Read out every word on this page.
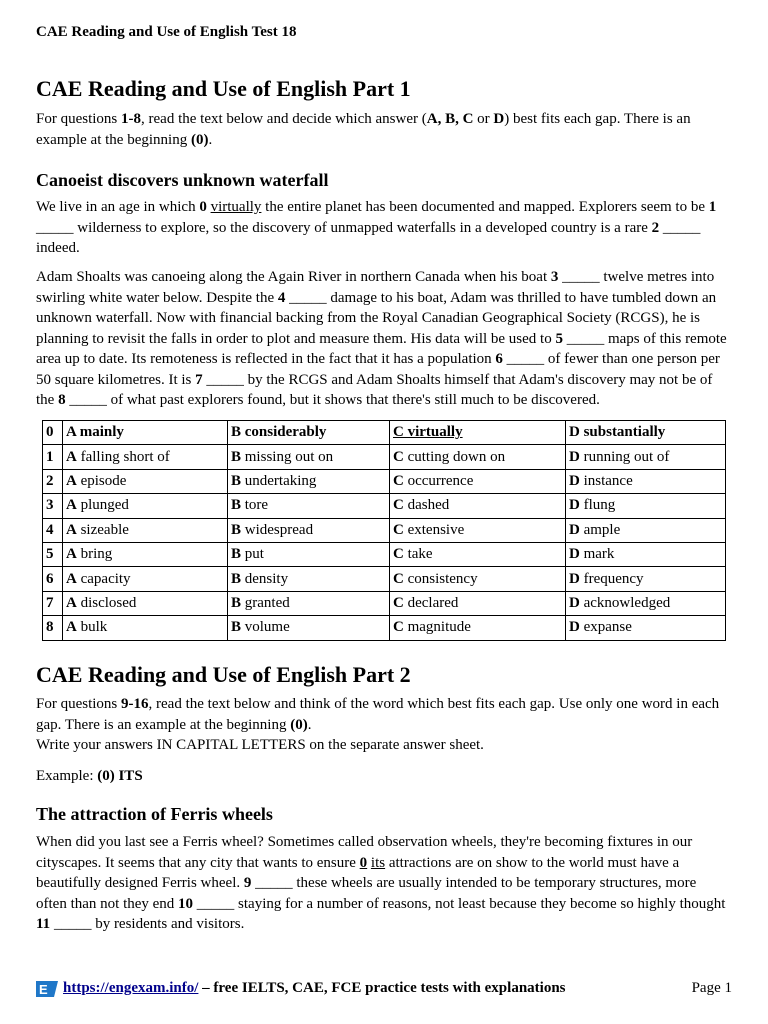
CAE Reading and Use of English Test 18
CAE Reading and Use of English Part 1

For questions 1-8, read the text below and decide which answer (A, B, C or D) best fits each gap. There is an example at the beginning (0).

Canoeist discovers unknown waterfall

We live in an age in which 0 virtually the entire planet has been documented and mapped. Explorers seem to be 1 _____ wilderness to explore, so the discovery of unmapped waterfalls in a developed country is a rare 2 _____ indeed.

Adam Shoalts was canoeing along the Again River in northern Canada when his boat 3 _____ twelve metres into swirling white water below. Despite the 4 _____ damage to his boat, Adam was thrilled to have tumbled down an unknown waterfall. Now with financial backing from the Royal Canadian Geographical Society (RCGS), he is planning to revisit the falls in order to plot and measure them. His data will be used to 5 _____ maps of this remote area up to date. Its remoteness is reflected in the fact that it has a population 6 _____ of fewer than one person per 50 square kilometres. It is 7 _____ by the RCGS and Adam Shoalts himself that Adam's discovery may not be of the 8 _____ of what past explorers found, but it shows that there's still much to be discovered.

0	A mainly	B considerably	C virtually	D substantially
1	A falling short of	B missing out on	C cutting down on	D running out of
2	A episode	B undertaking	C occurrence	D instance
3	A plunged	B tore	C dashed	D flung
4	A sizeable	B widespread	C extensive	D ample
5	A bring	B put	C take	D mark
6	A capacity	B density	C consistency	D frequency
7	A disclosed	B granted	C declared	D acknowledged
8	A bulk	B volume	C magnitude	D expanse
CAE Reading and Use of English Part 2

For questions 9-16, read the text below and think of the word which best fits each gap. Use only one word in each gap. There is an example at the beginning (0).
Write your answers IN CAPITAL LETTERS on the separate answer sheet.

Example: (0) ITS

The attraction of Ferris wheels

When did you last see a Ferris wheel? Sometimes called observation wheels, they're becoming fixtures in our cityscapes. It seems that any city that wants to ensure 0 its attractions are on show to the world must have a beautifully designed Ferris wheel. 9 _____ these wheels are usually intended to be temporary structures, more often than not they end 10 _____ staying for a number of reasons, not least because they become so highly thought 11 _____ by residents and visitors.

E https://engexam.info/ – free IELTS, CAE, FCE practice tests with explanations	Page 1
